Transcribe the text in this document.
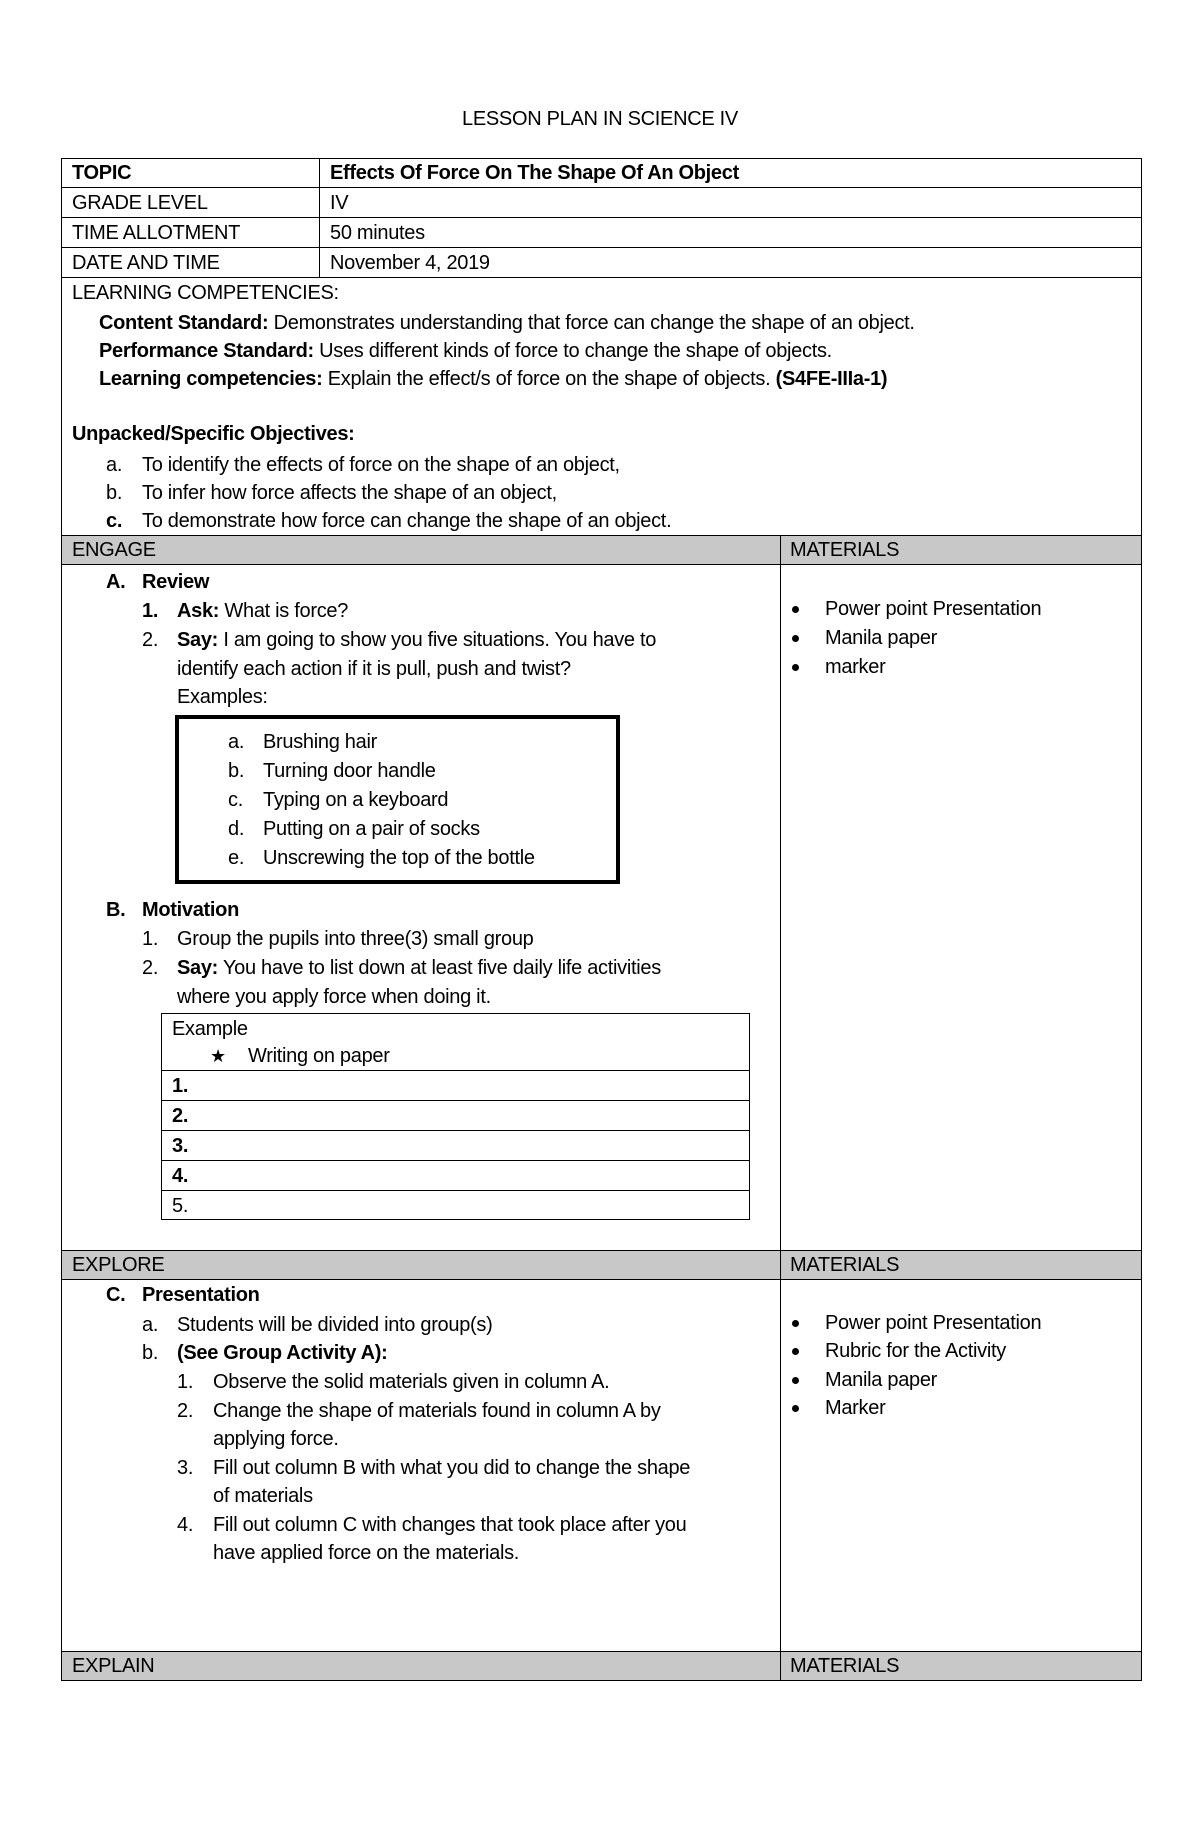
LESSON PLAN IN SCIENCE IV
TOPIC	Effects Of Force On The Shape Of An Object
GRADE LEVEL	IV
TIME ALLOTMENT	50 minutes
DATE AND TIME	November 4, 2019
LEARNING COMPETENCIES:
Content Standard: Demonstrates understanding that force can change the shape of an object.
Performance Standard: Uses different kinds of force to change the shape of objects.
Learning competencies: Explain the effect/s of force on the shape of objects. (S4FE-IIIa-1)
Unpacked/Specific Objectives:
a. To identify the effects of force on the shape of an object,
b. To infer how force affects the shape of an object,
c. To demonstrate how force can change the shape of an object.
ENGAGE	MATERIALS
A. Review
1. Ask: What is force?
2. Say: I am going to show you five situations. You have to
identify each action if it is pull, push and twist?
Examples:
a. Brushing hair
b. Turning door handle
c. Typing on a keyboard
d. Putting on a pair of socks
e. Unscrewing the top of the bottle
B. Motivation
1. Group the pupils into three(3) small group
2. Say: You have to list down at least five daily life activities
where you apply force when doing it.
Example
★ Writing on paper
1.
2.
3.
4.
5.
Power point Presentation
Manila paper
marker
EXPLORE	MATERIALS
C. Presentation
a. Students will be divided into group(s)
b. (See Group Activity A):
1. Observe the solid materials given in column A.
2. Change the shape of materials found in column A by
applying force.
3. Fill out column B with what you did to change the shape
of materials
4. Fill out column C with changes that took place after you
have applied force on the materials.
Power point Presentation
Rubric for the Activity
Manila paper
Marker
EXPLAIN	MATERIALS
